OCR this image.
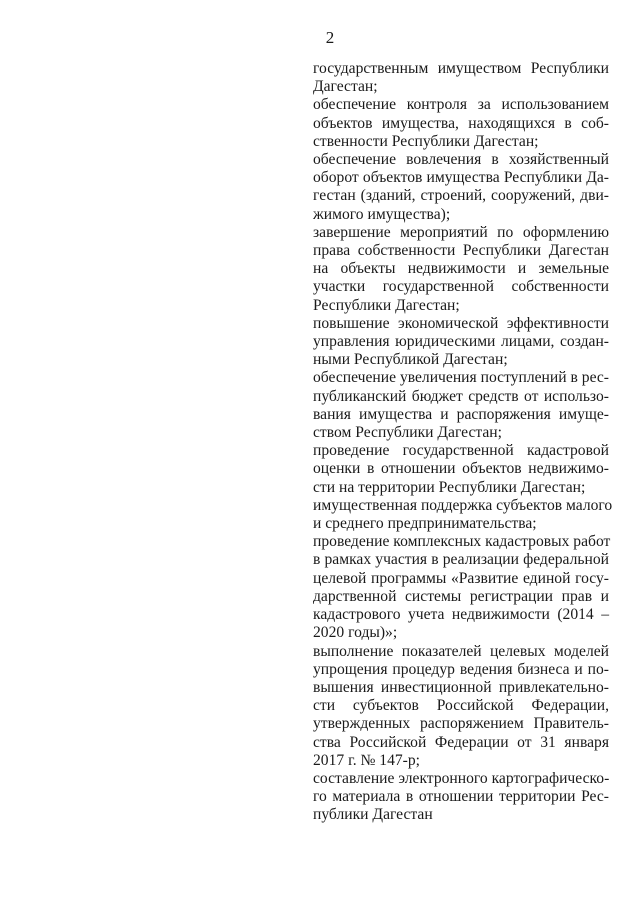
2
государственным имуществом Республики
Дагестан;
обеспечение контроля за использованием
объектов имущества, находящихся в соб-
ственности Республики Дагестан;
обеспечение вовлечения в хозяйственный
оборот объектов имущества Республики Да-
гестан (зданий, строений, сооружений, дви-
жимого имущества);
завершение мероприятий по оформлению
права собственности Республики Дагестан
на объекты недвижимости и земельные
участки государственной собственности
Республики Дагестан;
повышение экономической эффективности
управления юридическими лицами, создан-
ными Республикой Дагестан;
обеспечение увеличения поступлений в рес-
публиканский бюджет средств от использо-
вания имущества и распоряжения имуще-
ством Республики Дагестан;
проведение государственной кадастровой
оценки в отношении объектов недвижимо-
сти на территории Республики Дагестан;
имущественная поддержка субъектов малого
и среднего предпринимательства;
проведение комплексных кадастровых работ
в рамках участия в реализации федеральной
целевой программы «Развитие единой госу-
дарственной системы регистрации прав и
кадастрового учета недвижимости (2014 –
2020 годы)»;
выполнение показателей целевых моделей
упрощения процедур ведения бизнеса и по-
вышения инвестиционной привлекательно-
сти субъектов Российской Федерации,
утвержденных распоряжением Правитель-
ства Российской Федерации от 31 января
2017 г. № 147-р;
составление электронного картографическо-
го материала в отношении территории Рес-
публики Дагестан
